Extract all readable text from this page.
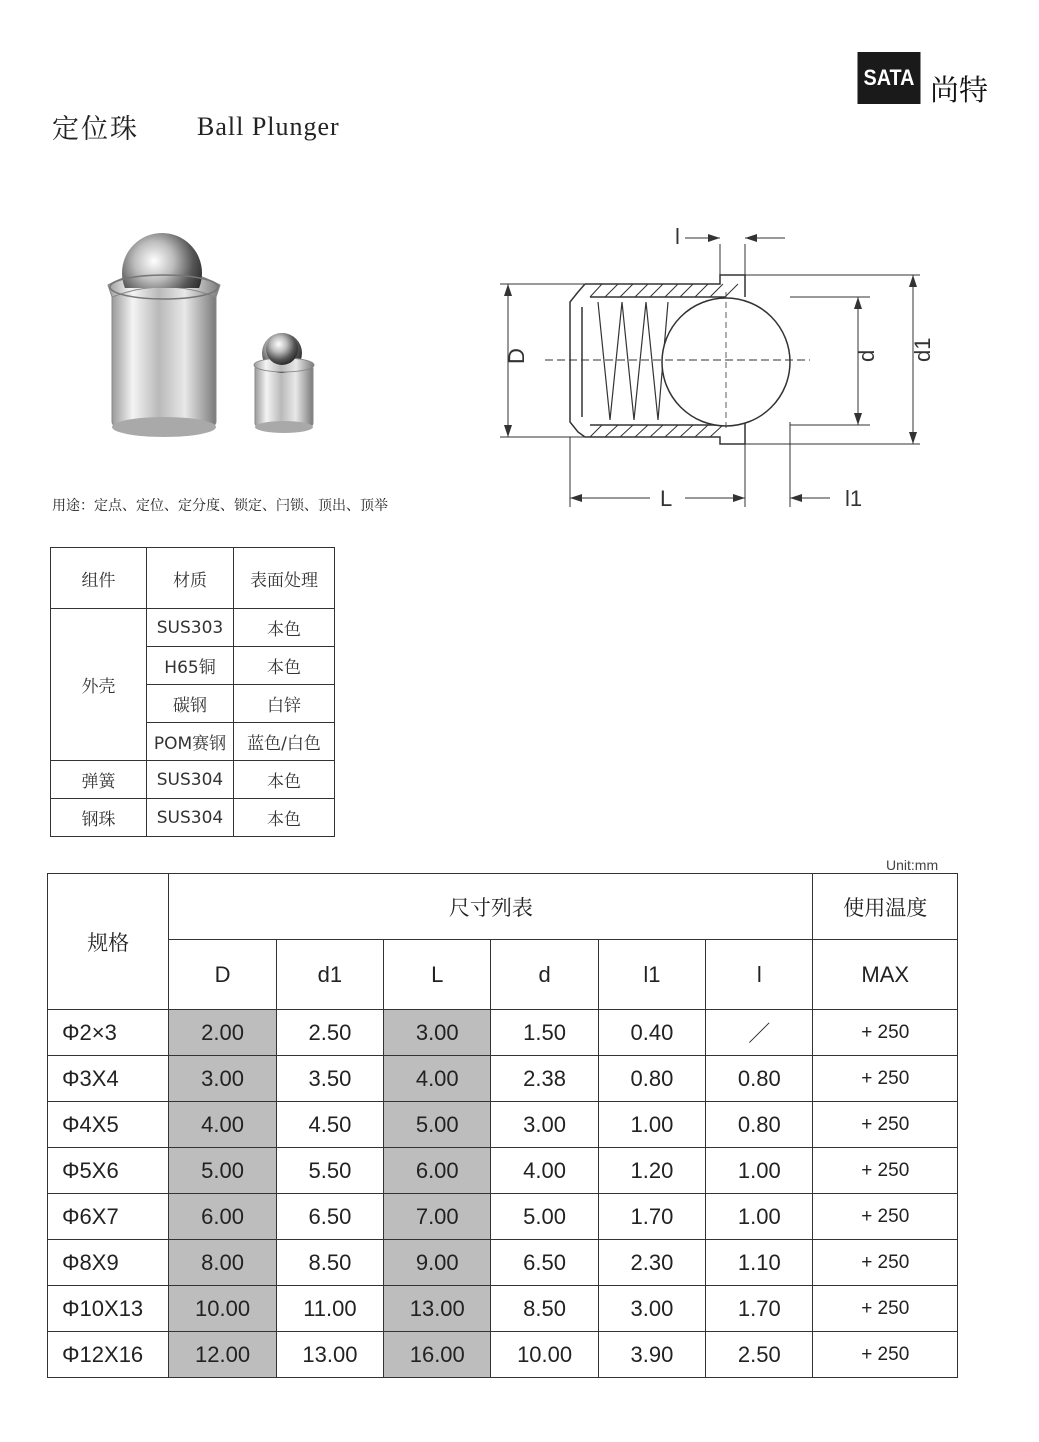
定位珠 Ball Plunger
SATA 尚特
用途：定点、定位、定分度、锁定、闩锁、顶出、顶举
l
D	d d1
L	l1
组件	材质	表面处理
外壳	SUS303	本色
	H65铜	本色
	碳钢	白锌
	POM赛钢	蓝色/白色
弹簧	SUS304	本色
钢珠	SUS304	本色
Unit:mm
规格	尺寸列表						使用温度
	D	d1	L	d	l1	l	MAX
Φ2×3	2.00	2.50	3.00	1.50	0.40	／	+ 250
Φ3X4	3.00	3.50	4.00	2.38	0.80	0.80	+ 250
Φ4X5	4.00	4.50	5.00	3.00	1.00	0.80	+ 250
Φ5X6	5.00	5.50	6.00	4.00	1.20	1.00	+ 250
Φ6X7	6.00	6.50	7.00	5.00	1.70	1.00	+ 250
Φ8X9	8.00	8.50	9.00	6.50	2.30	1.10	+ 250
Φ10X13	10.00	11.00	13.00	8.50	3.00	1.70	+ 250
Φ12X16	12.00	13.00	16.00	10.00	3.90	2.50	+ 250
